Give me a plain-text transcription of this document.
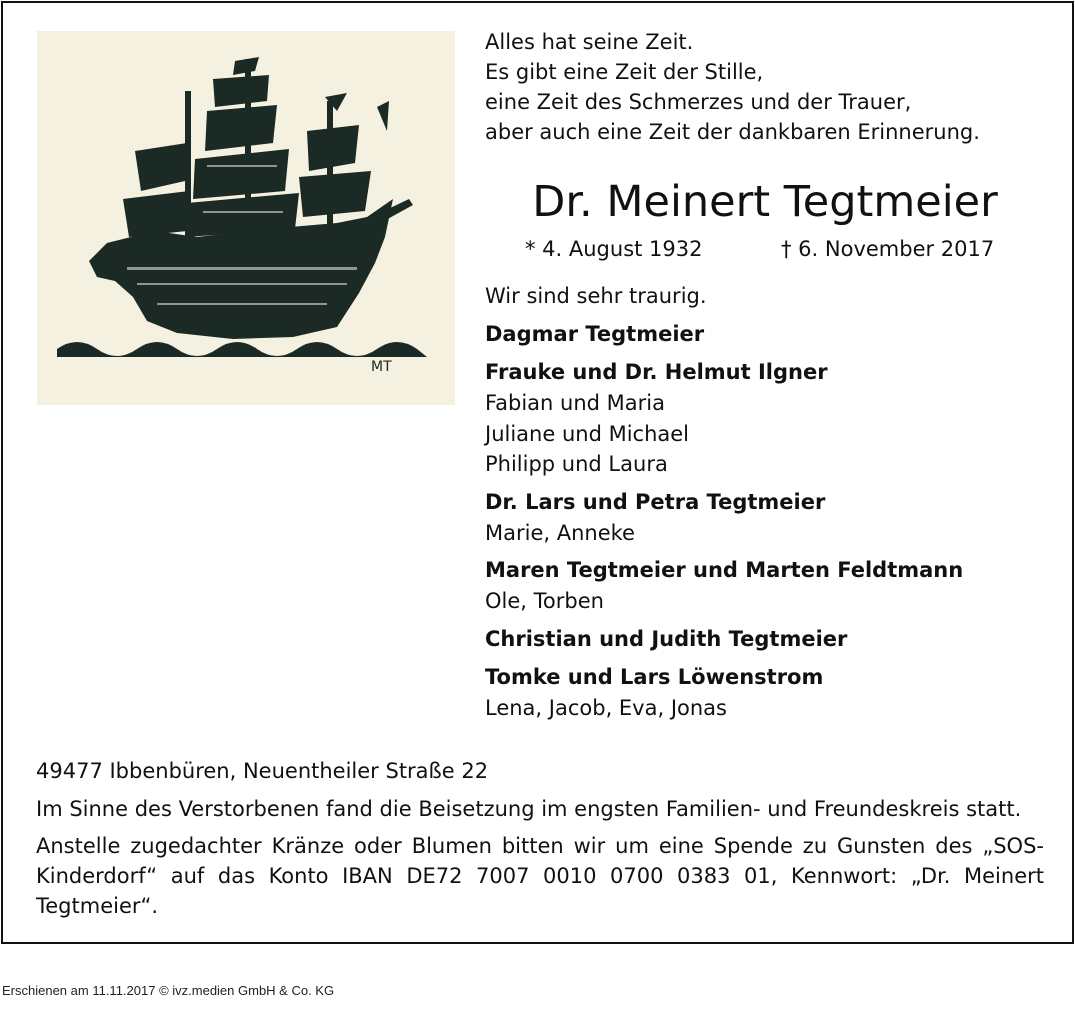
MT
Alles hat seine Zeit.
Es gibt eine Zeit der Stille,
eine Zeit des Schmerzes und der Trauer,
aber auch eine Zeit der dankbaren Erinnerung.
Dr. Meinert Tegtmeier
* 4. August 1932	† 6. November 2017
Wir sind sehr traurig.
Dagmar Tegtmeier
Frauke und Dr. Helmut Ilgner
Fabian und Maria
Juliane und Michael
Philipp und Laura
Dr. Lars und Petra Tegtmeier
Marie, Anneke
Maren Tegtmeier und Marten Feldtmann
Ole, Torben
Christian und Judith Tegtmeier
Tomke und Lars Löwenstrom
Lena, Jacob, Eva, Jonas
49477 Ibbenbüren, Neuentheiler Straße 22
Im Sinne des Verstorbenen fand die Beisetzung im engsten Familien- und Freundeskreis statt.
Anstelle zugedachter Kränze oder Blumen bitten wir um eine Spende zu Gunsten des „SOS-Kinderdorf“ auf das Konto IBAN DE72 7007 0010 0700 0383 01, Kennwort: „Dr. Meinert Tegtmeier“.
Erschienen am 11.11.2017 © ivz.medien GmbH & Co. KG
